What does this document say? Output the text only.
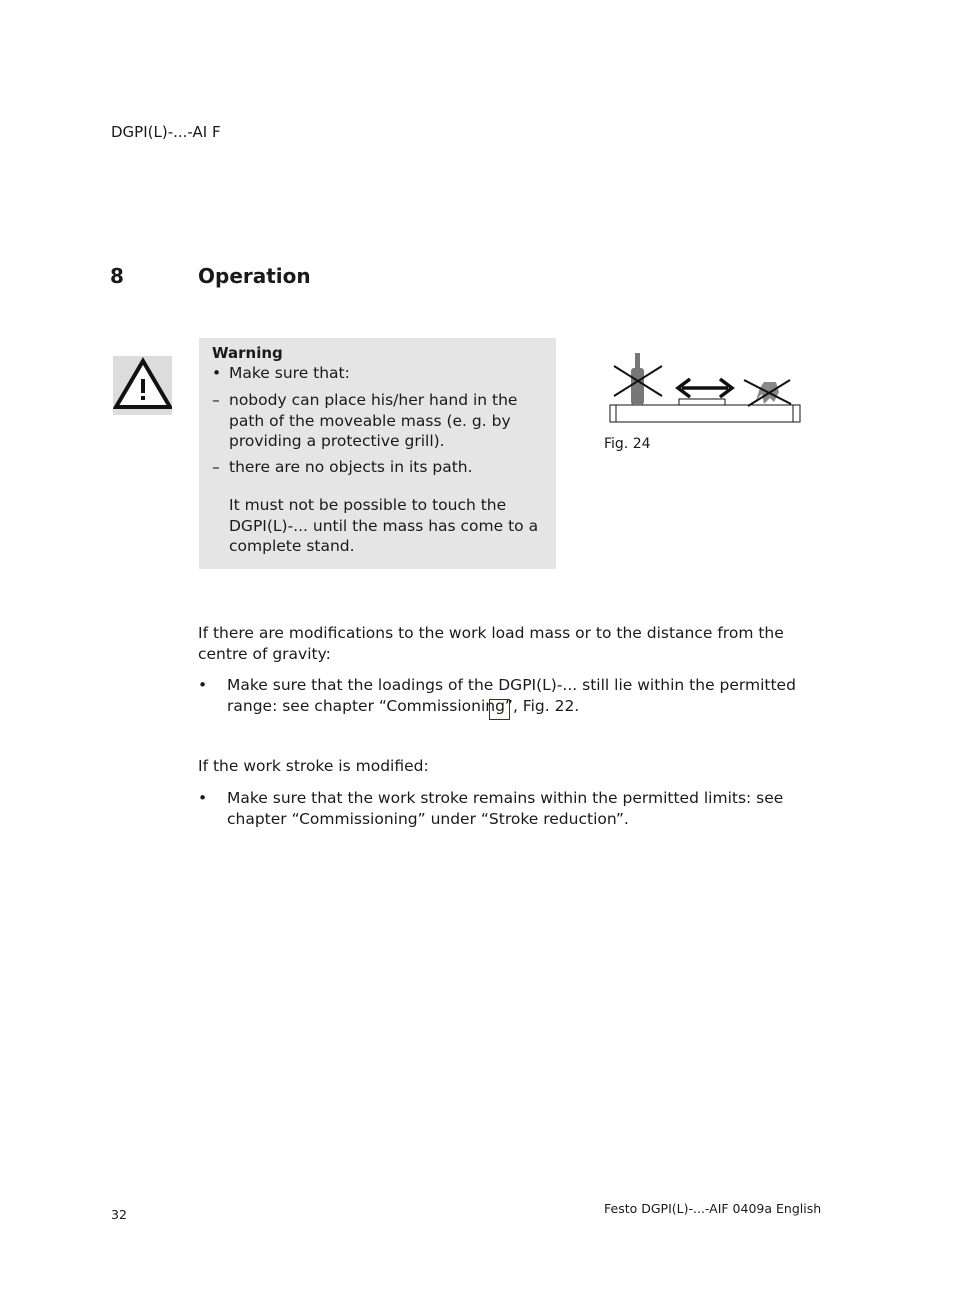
DGPI(L)-...-AI F
8	Operation
Warning
• Make sure that:
– nobody can place his/her hand in the path of the moveable mass (e. g. by providing a protective grill).
– there are no objects in its path.
It must not be possible to touch the DGPI(L)-... until the mass has come to a complete stand.
Fig. 24
If there are modifications to the work load mass or to the distance from the centre of gravity:
•	Make sure that the loadings of the DGPI(L)-... still lie within the permitted range: see chapter “Commissioning”, Fig. 22.
If the work stroke is modified:
•	Make sure that the work stroke remains within the permitted limits: see chapter “Commissioning” under “Stroke reduction”.
32	Festo DGPI(L)-...-AIF 0409a English
